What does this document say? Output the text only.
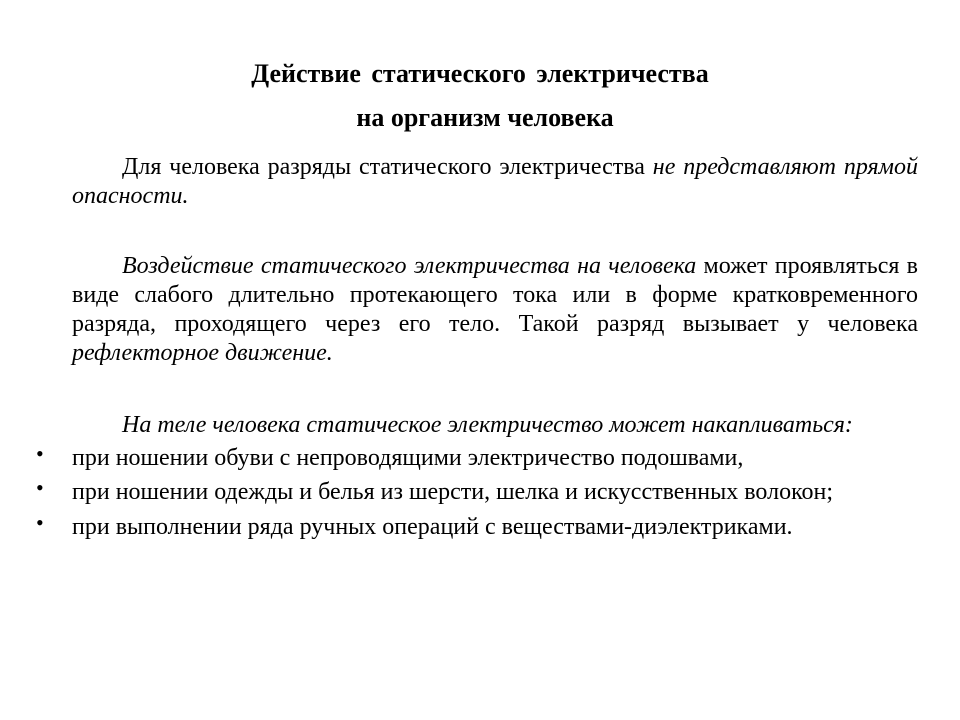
Действие статического электричества
на организм человека

Для человека разряды статического электричества не представляют прямой опасности.

Воздействие статического электричества на человека может проявляться в виде слабого длительно протекающего тока или в форме кратковременного разряда, проходящего через его тело. Такой разряд вызывает у человека рефлекторное движение.

На теле человека статическое электричество может накапливаться:

• при ношении обуви с непроводящими электричество подошвами,
• при ношении одежды и белья из шерсти, шелка и искусственных волокон;
• при выполнении ряда ручных операций с веществами-диэлектриками.
